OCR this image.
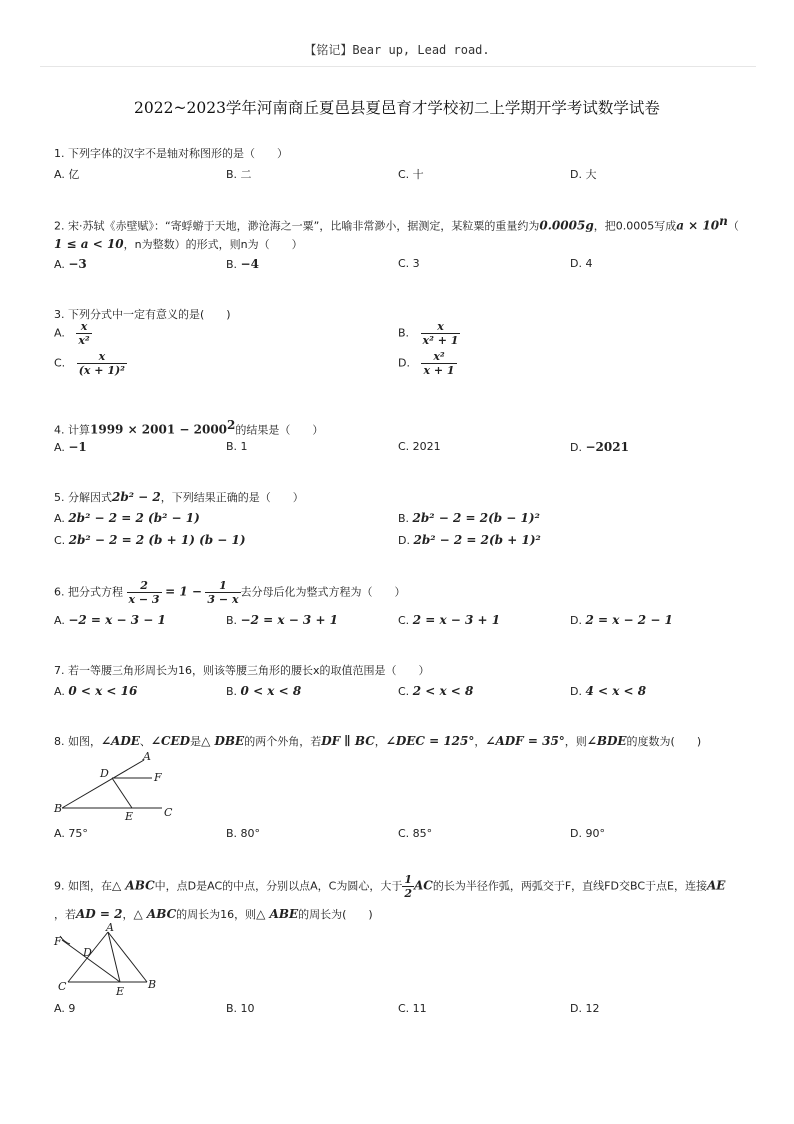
【铭记】Bear up, Lead road.
2022~2023学年河南商丘夏邑县夏邑育才学校初二上学期开学考试数学试卷
1. 下列字体的汉字不是轴对称图形的是（　　）
A. 亿	B. 二	C. 十	D. 大
2. 宋·苏轼《赤壁赋》：“寄蜉蝣于天地，渺沧海之一粟”，比喻非常渺小，据测定，某粒粟的重量约为0.0005g，把0.0005写成$a \times 10^n$（
1 ≤ a < 10，n为整数）的形式，则n为（　　）
A. −3	B. −4	C. 3	D. 4
3. 下列分式中一定有意义的是(　　)
A. $\frac{x}{\text{x²}}$	B. $\frac{x}{\text{x² + 1}}$
C. $\frac{x}{\text{(x + 1)²}}$	D. $\frac{\text{x²}}{x + 1}$
4. 计算$1999 \times 2001 - 2000^2$的结果是（　　）
A. −1	B. 1	C. 2021	D. −2021
5. 分解因式2b² − 2，下列结果正确的是（　　）
A. 2b² − 2 = 2 (b² − 1)	B. 2b² − 2 = 2(b − 1)²
C. 2b² − 2 = 2 (b + 1) (b − 1)	D. 2b² − 2 = 2(b + 1)²
6. 把分式方程 $\frac{2}{x - 3} = 1 - \frac{1}{3 - x}$ 去分母后化为整式方程为（　　）
A. −2 = x − 3 − 1	B. −2 = x − 3 + 1	C. 2 = x − 3 + 1	D. 2 = x − 2 − 1
7. 若一等腰三角形周长为16，则该等腰三角形的腰长x的取值范围是（　　）
A. 0 < x < 16	B. 0 < x < 8	C. 2 < x < 8	D. 4 < x < 8
8. 如图，∠ADE、∠CED是△ DBE的两个外角，若DF ∥ BC，∠DEC = 125°，∠ADF = 35°，则∠BDE的度数为(　　)
A
B	C
D
E
F
A. 75°	B. 80°	C. 85°	D. 90°
9. 如图，在△ ABC中，点D是AC的中点，分别以点A，C为圆心，大于 $\frac{1}{2}$ AC的长为半径作弧，两弧交于F，直线FD交BC于点E，连接AE
，若AD = 2，△ ABC的周长为16，则△ ABE的周长为(　　)
A
B
C
D
E
F
A. 9	B. 10	C. 11	D. 12
